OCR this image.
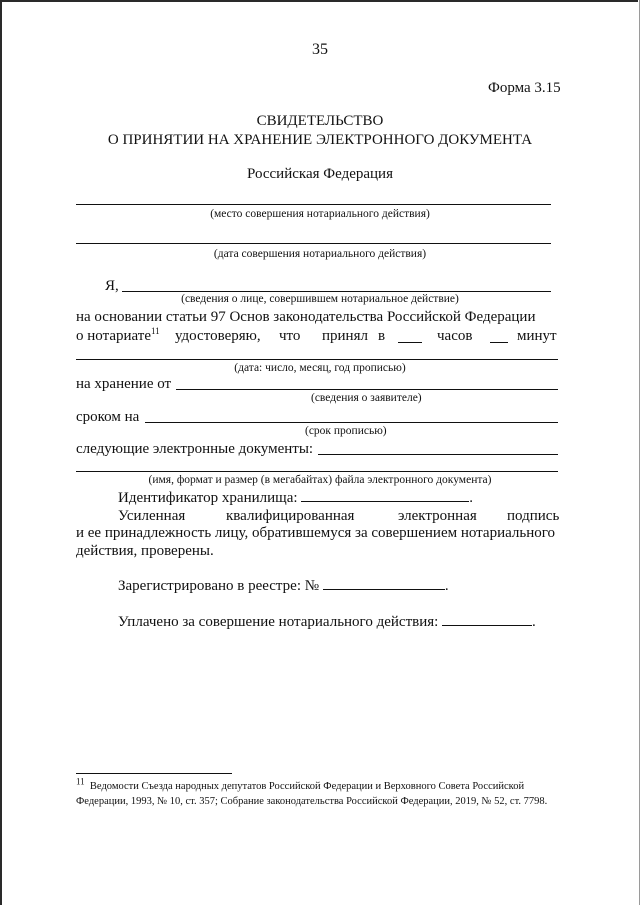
35
Форма 3.15
СВИДЕТЕЛЬСТВО
О ПРИНЯТИИ НА ХРАНЕНИЕ ЭЛЕКТРОННОГО ДОКУМЕНТА
Российская Федерация
(место совершения нотариального действия)
(дата совершения нотариального действия)
Я,
(сведения о лице, совершившем нотариальное действие)
на основании статьи 97 Основ законодательства Российской Федерации
о нотариате$^{11}$ удостоверяю, что принял в	часов	минут
(дата: число, месяц, год прописью)
на хранение от
(сведения о заявителе)
сроком на
(срок прописью)
следующие электронные документы:
(имя, формат и размер (в мегабайтах) файла электронного документа)
Идентификатор хранилища:	.
Усиленная	квалифицированная	электронная подпись
и ее принадлежность лицу, обратившемуся за совершением нотариального
действия, проверены.
Зарегистрировано в реестре: №	.
Уплачено за совершение нотариального действия:	.
$^{11}$ Ведомости Съезда народных депутатов Российской Федерации и Верховного Совета Российской
Федерации, 1993, № 10, ст. 357; Собрание законодательства Российской Федерации, 2019, № 52, ст. 7798.
